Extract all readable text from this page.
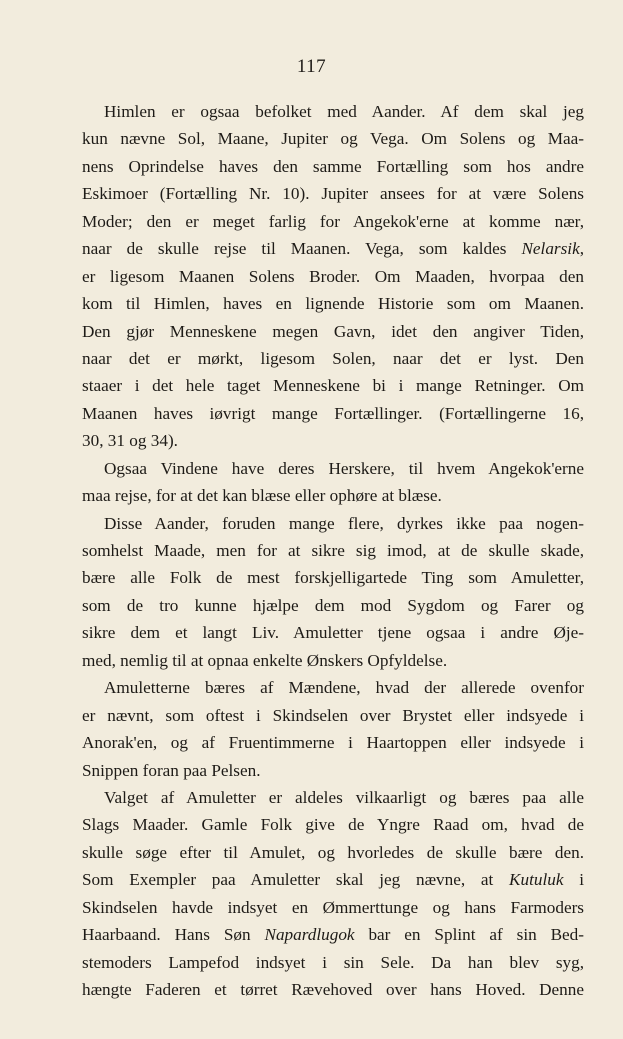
117
Himlen er ogsaa befolket med Aander. Af dem skal jeg
kun nævne Sol, Maane, Jupiter og Vega. Om Solens og Maa-
nens Oprindelse haves den samme Fortælling som hos andre
Eskimoer (Fortælling Nr. 10). Jupiter ansees for at være Solens
Moder; den er meget farlig for Angekok'erne at komme nær,
naar de skulle rejse til Maanen. Vega, som kaldes Nelarsik,
er ligesom Maanen Solens Broder. Om Maaden, hvorpaa den
kom til Himlen, haves en lignende Historie som om Maanen.
Den gjør Menneskene megen Gavn, idet den angiver Tiden,
naar det er mørkt, ligesom Solen, naar det er lyst. Den
staaer i det hele taget Menneskene bi i mange Retninger. Om
Maanen haves iøvrigt mange Fortællinger. (Fortællingerne 16,
30, 31 og 34).
Ogsaa Vindene have deres Herskere, til hvem Angekok'erne
maa rejse, for at det kan blæse eller ophøre at blæse.
Disse Aander, foruden mange flere, dyrkes ikke paa nogen-
somhelst Maade, men for at sikre sig imod, at de skulle skade,
bære alle Folk de mest forskjelligartede Ting som Amuletter,
som de tro kunne hjælpe dem mod Sygdom og Farer og
sikre dem et langt Liv. Amuletter tjene ogsaa i andre Øje-
med, nemlig til at opnaa enkelte Ønskers Opfyldelse.
Amuletterne bæres af Mændene, hvad der allerede ovenfor
er nævnt, som oftest i Skindselen over Brystet eller indsyede i
Anorak'en, og af Fruentimmerne i Haartoppen eller indsyede i
Snippen foran paa Pelsen.
Valget af Amuletter er aldeles vilkaarligt og bæres paa alle
Slags Maader. Gamle Folk give de Yngre Raad om, hvad de
skulle søge efter til Amulet, og hvorledes de skulle bære den.
Som Exempler paa Amuletter skal jeg nævne, at Kutuluk i
Skindselen havde indsyet en Ømmerttunge og hans Farmoders
Haarbaand. Hans Søn Napardlugok bar en Splint af sin Bed-
stemoders Lampefod indsyet i sin Sele. Da han blev syg,
hængte Faderen et tørret Rævehoved over hans Hoved. Denne
